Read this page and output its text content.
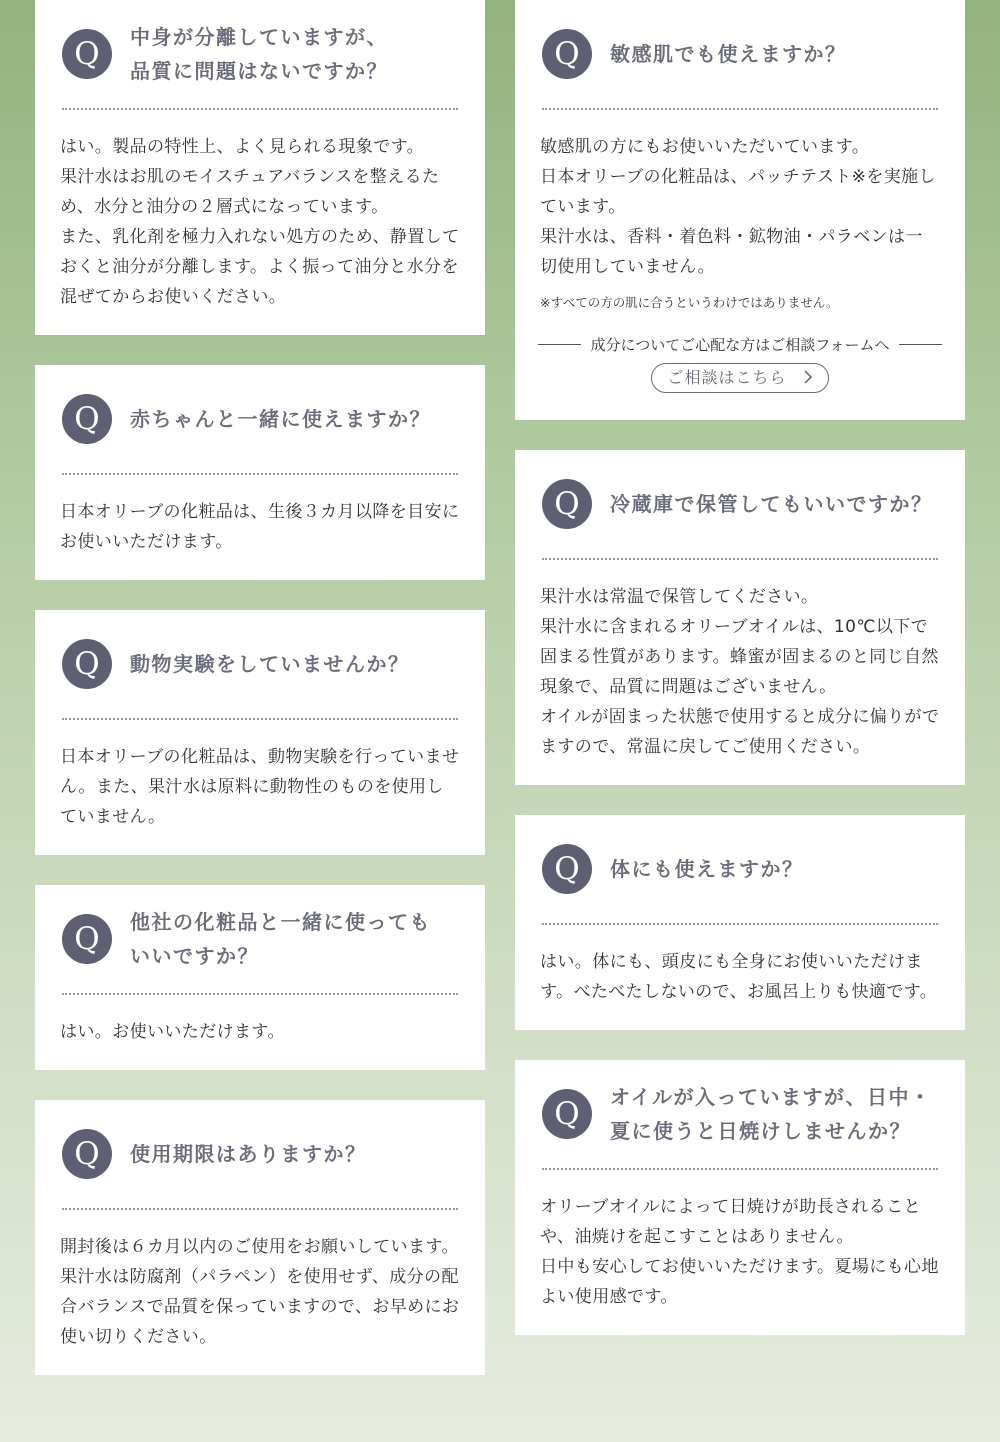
Q	中身が分離していますが、
品質に問題はないですか？
はい。製品の特性上、よく見られる現象です。
果汁水はお肌のモイスチュアバランスを整えるため、水分と油分の２層式になっています。
また、乳化剤を極力入れない処方のため、静置しておくと油分が分離します。よく振って油分と水分を混ぜてからお使いください。
Q	赤ちゃんと一緒に使えますか？
日本オリーブの化粧品は、生後３カ月以降を目安にお使いいただけます。
Q	動物実験をしていませんか？
日本オリーブの化粧品は、動物実験を行っていません。また、果汁水は原料に動物性のものを使用していません。
Q	他社の化粧品と一緒に使っても
いいですか？
はい。お使いいただけます。
Q	使用期限はありますか？
開封後は６カ月以内のご使用をお願いしています。果汁水は防腐剤（パラペン）を使用せず、成分の配合バランスで品質を保っていますので、お早めにお使い切りください。
Q	敏感肌でも使えますか？
敏感肌の方にもお使いいただいています。
日本オリーブの化粧品は、パッチテスト※を実施しています。
果汁水は、香料・着色料・鉱物油・パラベンは一切使用していません。
※すべての方の肌に合うというわけではありません。
成分についてご心配な方はご相談フォームへ
ご相談はこちら
Q	冷蔵庫で保管してもいいですか？
果汁水は常温で保管してください。
果汁水に含まれるオリーブオイルは、10℃以下で固まる性質があります。蜂蜜が固まるのと同じ自然現象で、品質に問題はございません。
オイルが固まった状態で使用すると成分に偏りがでますので、常温に戻してご使用ください。
Q	体にも使えますか？
はい。体にも、頭皮にも全身にお使いいただけます。べたべたしないので、お風呂上りも快適です。
Q	オイルが入っていますが、日中・
夏に使うと日焼けしませんか？
オリーブオイルによって日焼けが助長されることや、油焼けを起こすことはありません。
日中も安心してお使いいただけます。夏場にも心地よい使用感です。
